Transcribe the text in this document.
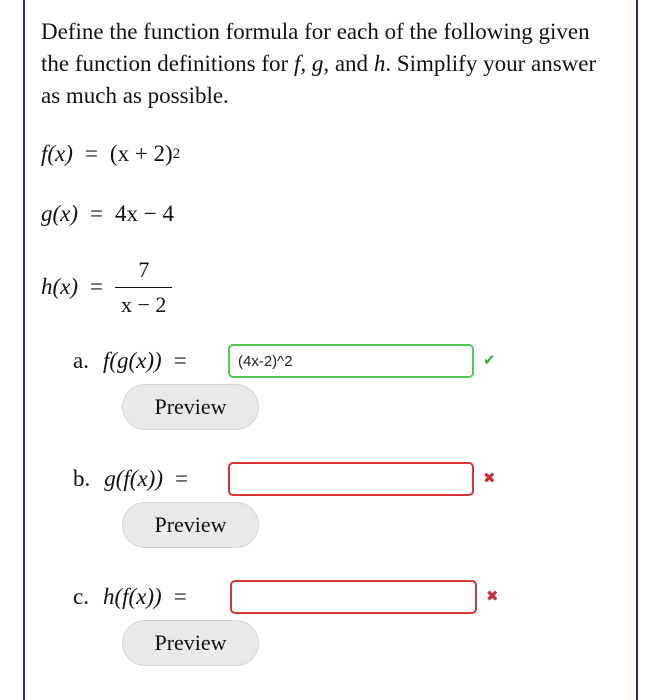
Define the function formula for each of the following given the function definitions for f, g, and h. Simplify your answer as much as possible.
f(x) = (x + 2) 2
g(x) = 4x − 4
$h(x) = \frac{7}{x - 2}$
a. f(g(x)) =	(4x-2)^2	✔
Preview
b. g(f(x)) =	✖
Preview
c. h(f(x)) =	✖
Preview
